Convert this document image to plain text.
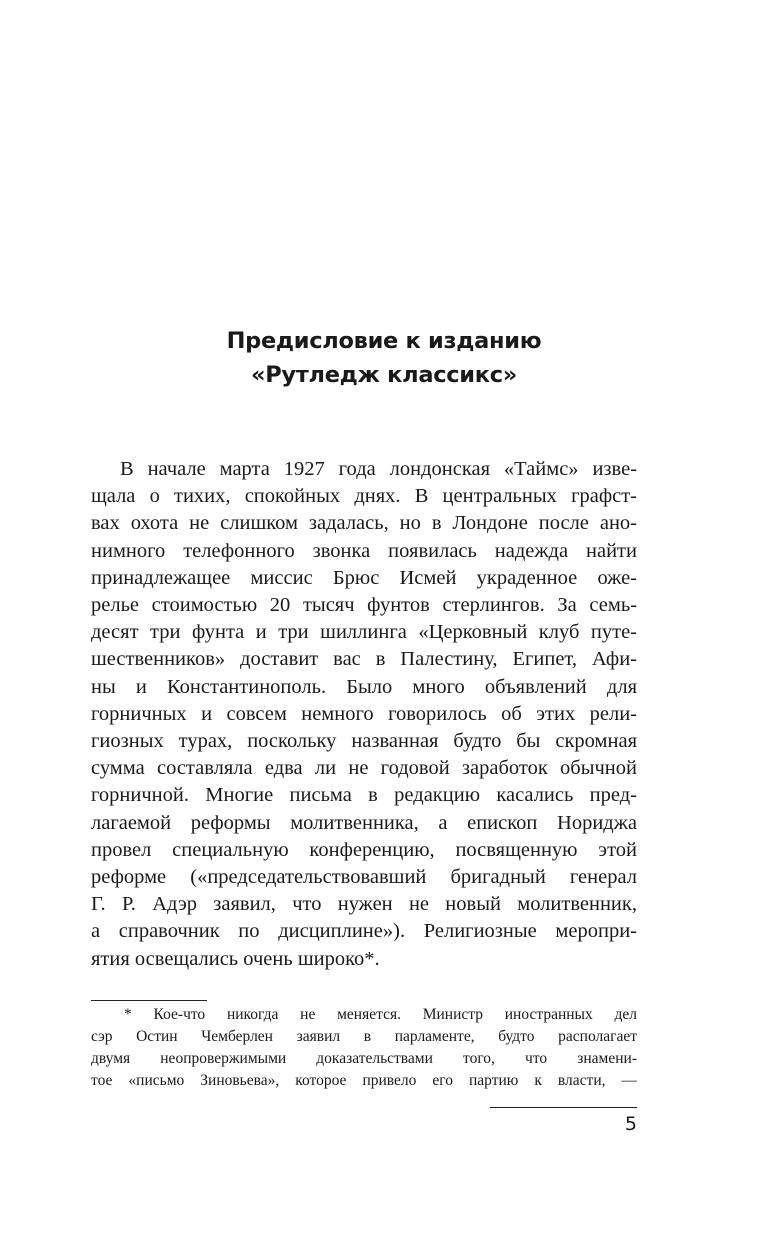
Предисловие к изданию
«Рутледж классикс»
В начале марта 1927 года лондонская «Таймс» изве-
щала о тихих, спокойных днях. В центральных графст-
вах охота не слишком задалась, но в Лондоне после ано-
нимного телефонного звонка появилась надежда найти
принадлежащее миссис Брюс Исмей украденное оже-
релье стоимостью 20 тысяч фунтов стерлингов. За семь-
десят три фунта и три шиллинга «Церковный клуб путе-
шественников» доставит вас в Палестину, Египет, Афи-
ны и Константинополь. Было много объявлений для
горничных и совсем немного говорилось об этих рели-
гиозных турах, поскольку названная будто бы скромная
сумма составляла едва ли не годовой заработок обычной
горничной. Многие письма в редакцию касались пред-
лагаемой реформы молитвенника, а епископ Нориджа
провел специальную конференцию, посвященную этой
реформе («председательствовавший бригадный генерал
Г. Р. Адэр заявил, что нужен не новый молитвенник,
а справочник по дисциплине»). Религиозные меропри-
ятия освещались очень широко*.
* Кое-что никогда не меняется. Министр иностранных дел
сэр Остин Чемберлен заявил в парламенте, будто располагает
двумя неопровержимыми доказательствами того, что знамени-
тое «письмо Зиновьева», которое привело его партию к власти, —
5
